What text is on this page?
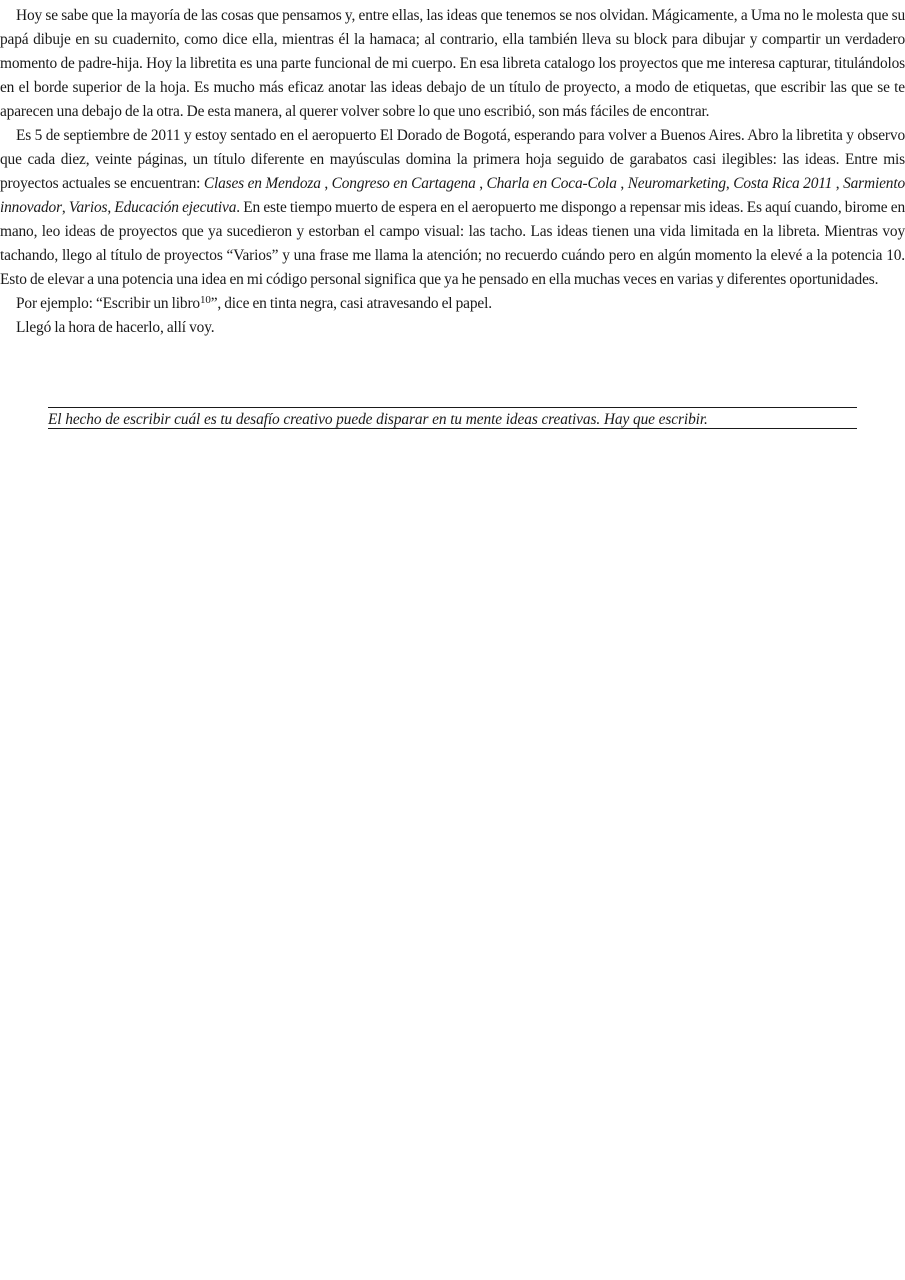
Hoy se sabe que la mayoría de las cosas que pensamos y, entre ellas, las ideas que tenemos se nos olvidan. Mágicamente, a Uma no le molesta que su papá dibuje en su cuadernito, como dice ella, mientras él la hamaca; al contrario, ella también lleva su block para dibujar y compartir un verdadero momento de padre-hija. Hoy la libretita es una parte funcional de mi cuerpo. En esa libreta catalogo los proyectos que me interesa capturar, titulándolos en el borde superior de la hoja. Es mucho más eficaz anotar las ideas debajo de un título de proyecto, a modo de etiquetas, que escribir las que se te aparecen una debajo de la otra. De esta manera, al querer volver sobre lo que uno escribió, son más fáciles de encontrar.

Es 5 de septiembre de 2011 y estoy sentado en el aeropuerto El Dorado de Bogotá, esperando para volver a Buenos Aires. Abro la libretita y observo que cada diez, veinte páginas, un título diferente en mayúsculas domina la primera hoja seguido de garabatos casi ilegibles: las ideas. Entre mis proyectos actuales se encuentran: Clases en Mendoza , Congreso en Cartagena , Charla en Coca-Cola , Neuromarketing, Costa Rica 2011 , Sarmiento innovador, Varios, Educación ejecutiva. En este tiempo muerto de espera en el aeropuerto me dispongo a repensar mis ideas. Es aquí cuando, birome en mano, leo ideas de proyectos que ya sucedieron y estorban el campo visual: las tacho. Las ideas tienen una vida limitada en la libreta. Mientras voy tachando, llego al título de proyectos “Varios” y una frase me llama la atención; no recuerdo cuándo pero en algún momento la elevé a la potencia 10. Esto de elevar a una potencia una idea en mi código personal significa que ya he pensado en ella muchas veces en varias y diferentes oportunidades.

Por ejemplo: “Escribir un libro$^{10}$”, dice en tinta negra, casi atravesando el papel.

Llegó la hora de hacerlo, allí voy.

El hecho de escribir cuál es tu desafío creativo puede disparar en tu mente ideas creativas. Hay que escribir.
